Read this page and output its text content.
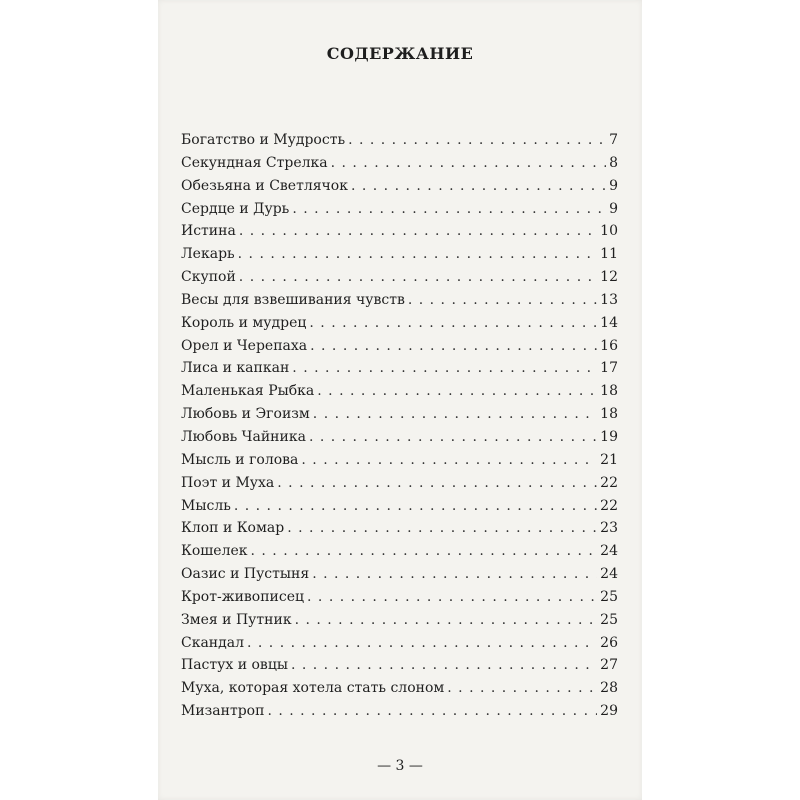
СОДЕРЖАНИЕ
Богатство и Мудрость . . .	7
Секундная Стрелка . . .	8
Обезьяна и Светлячок . . .	9
Сердце и Дурь . . .	9
Истина . . .	10
Лекарь . . .	11
Скупой . . .	12
Весы для взвешивания чувств . . .	13
Король и мудрец . . .	14
Орел и Черепаха . . .	16
Лиса и капкан . . .	17
Маленькая Рыбка . . .	18
Любовь и Эгоизм . . .	18
Любовь Чайника . . .	19
Мысль и голова . . .	21
Поэт и Муха . . .	22
Мысль . . .	22
Клоп и Комар . . .	23
Кошелек . . .	24
Оазис и Пустыня . . .	24
Крот-живописец . . .	25
Змея и Путник . . .	25
Скандал . . .	26
Пастух и овцы . . .	27
Муха, которая хотела стать слоном . . .	28
Мизантроп . . .	29
— 3 —
